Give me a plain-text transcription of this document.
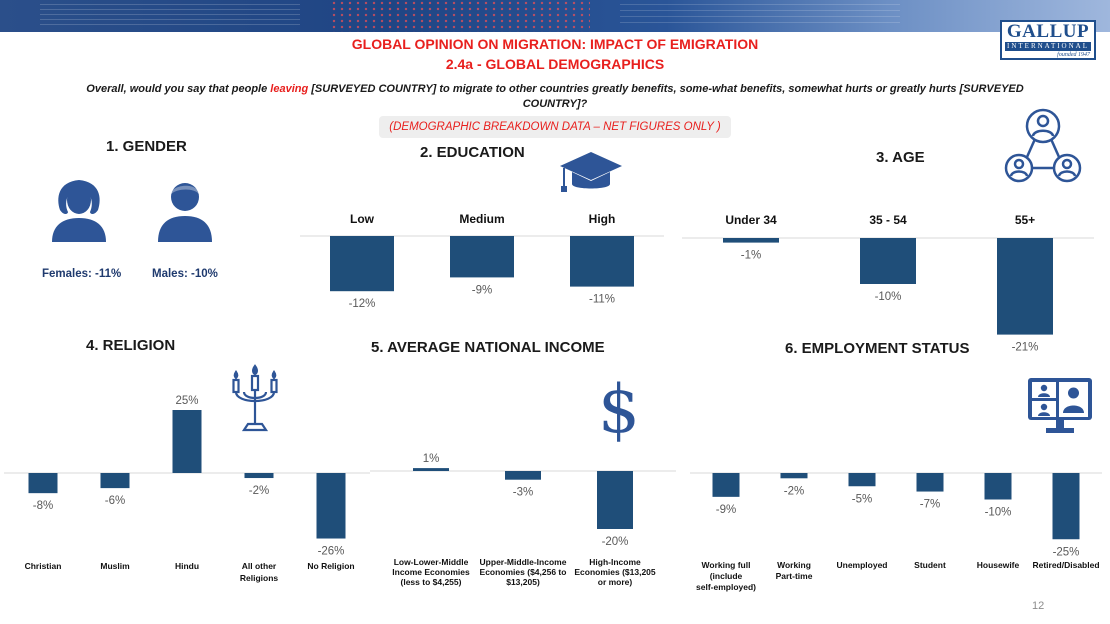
GALLUP
INTERNATIONAL
founded 1947
GLOBAL OPINION ON MIGRATION: IMPACT OF EMIGRATION
2.4a - GLOBAL DEMOGRAPHICS
Overall, would you say that people leaving [SURVEYED COUNTRY] to migrate to other countries greatly benefits, some-what benefits, somewhat hurts or greatly hurts [SURVEYED COUNTRY]?
(DEMOGRAPHIC BREAKDOWN DATA – NET FIGURES ONLY )
1. GENDER	2. EDUCATION	3. AGE
4. RELIGION	5. AVERAGE NATIONAL INCOME	6. EMPLOYMENT STATUS
Females: -11%	Males: -10%
$
-12%
Low
-9%
Medium
-11%
High
-1%
Under 34
-10%
35 - 54
-21%
55+
-8%
Christian
-6%
Muslim
25%
Hindu
-2%
All other Religions
-26%
No Religion
1%
Low-Lower-Middle Income Economies (less to $4,255)
-3%
Upper-Middle-Income Economies ($4,256 to $13,205)
-20%
High-Income Economies ($13,205 or more)
-9%
Working full (include self-employed)
-2%
Working Part-time
-5%
Unemployed
-7%
Student
-10%
Housewife
-25%
Retired/Disabled
12
